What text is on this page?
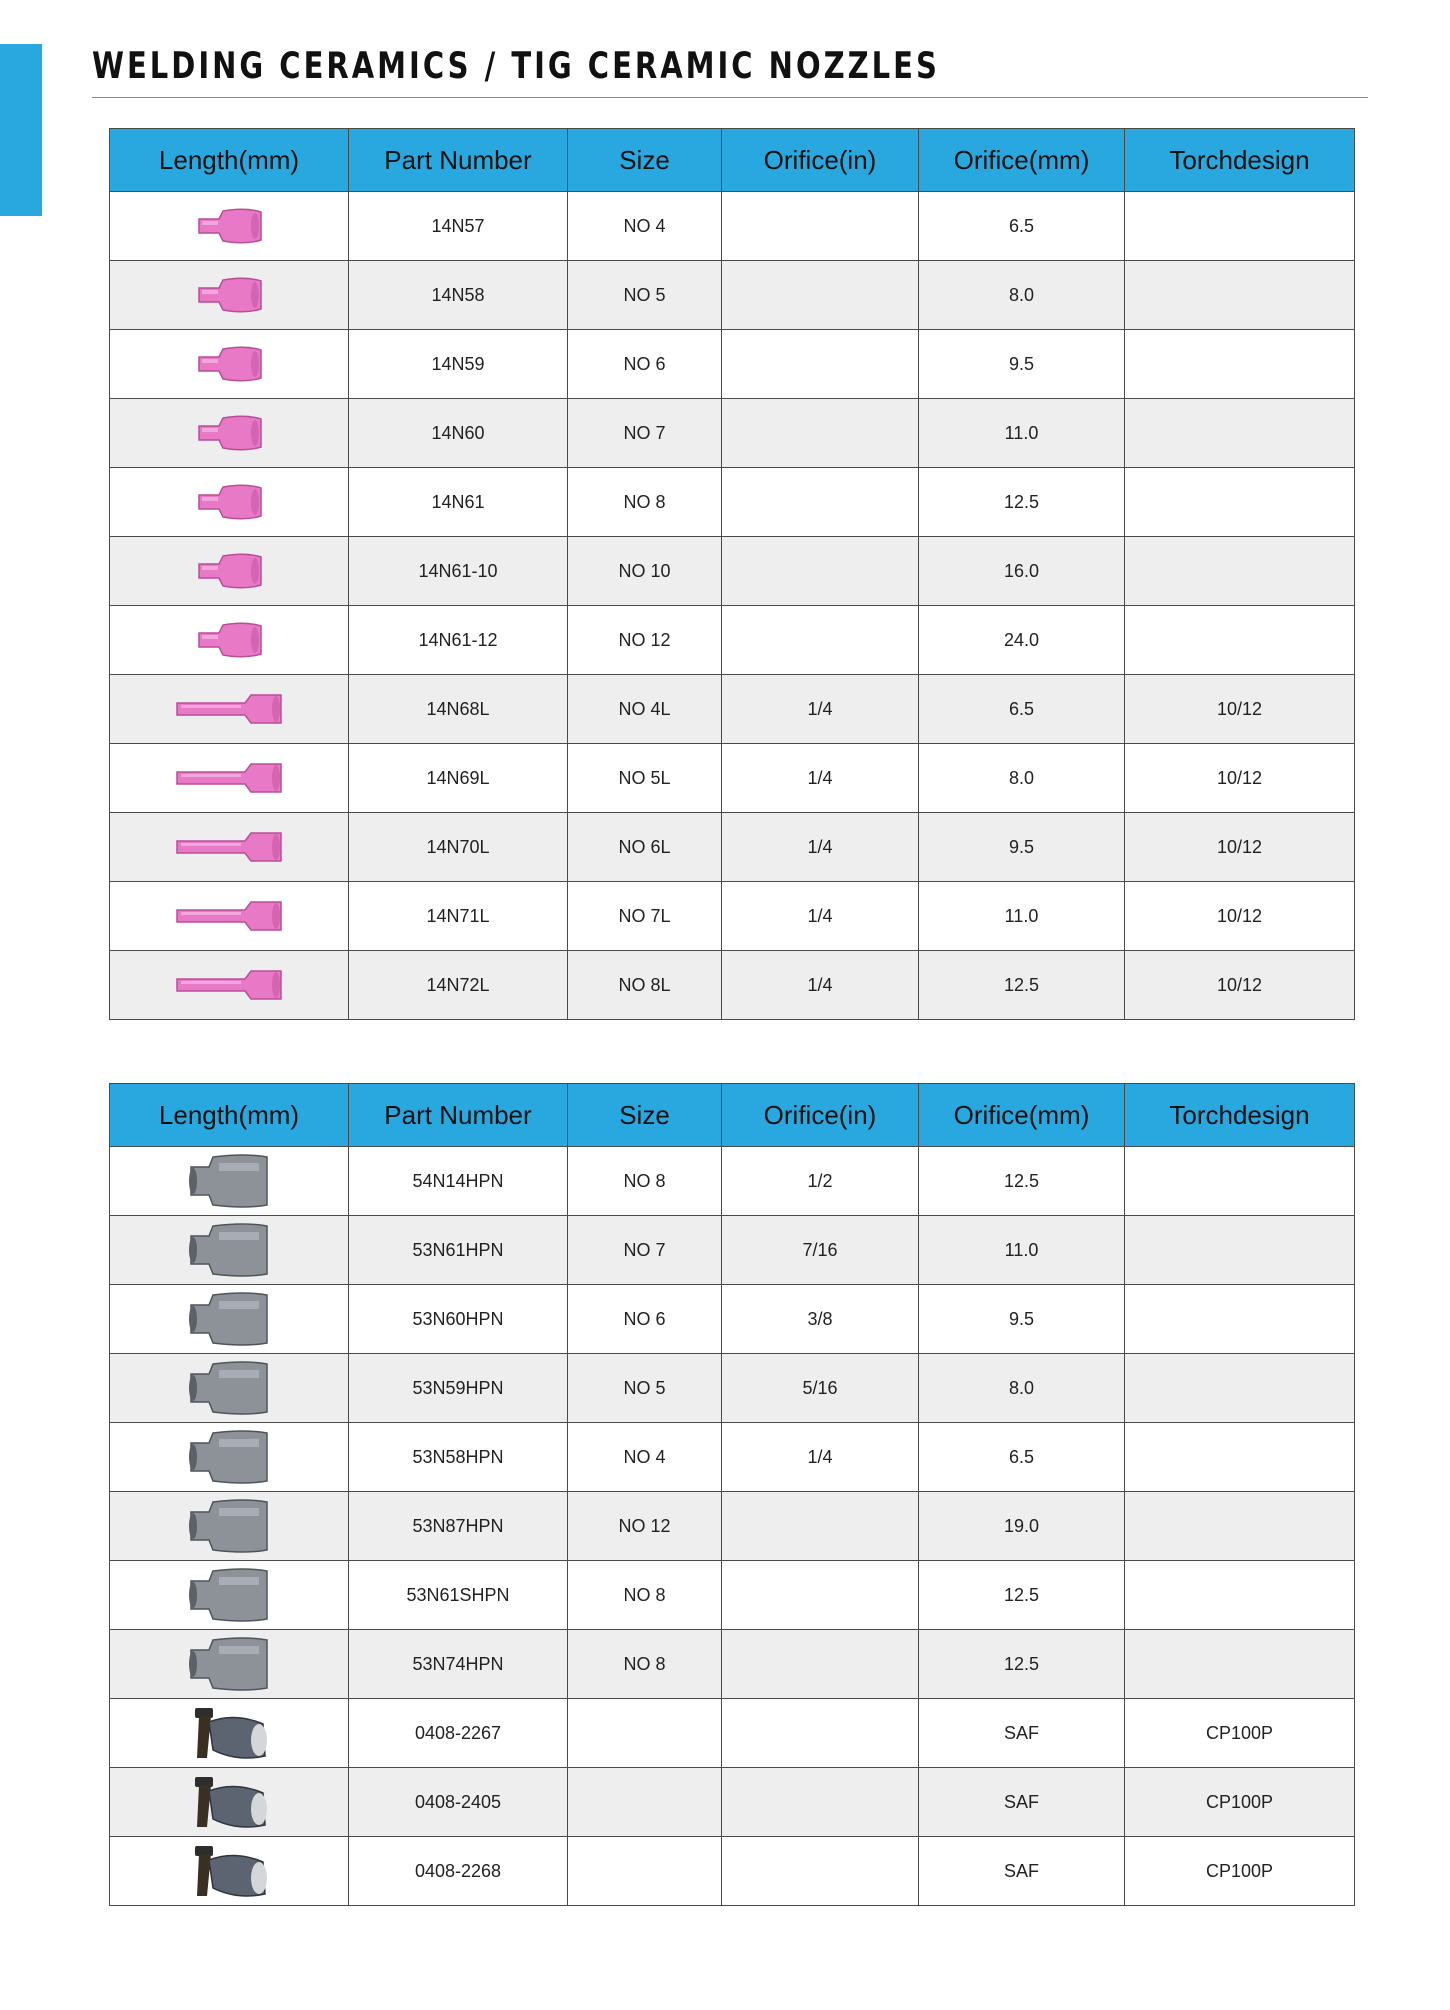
WELDING CERAMICS / TIG CERAMIC NOZZLES
Length(mm)	Part Number	Size	Orifice(in)	Orifice(mm)	Torchdesign

	14N57	NO 4		6.5	

	14N58	NO 5		8.0	

	14N59	NO 6		9.5	

	14N60	NO 7		11.0	

	14N61	NO 8		12.5	

	14N61-10	NO 10		16.0	

	14N61-12	NO 12		24.0	

	14N68L	NO 4L	1/4	6.5	10/12

	14N69L	NO 5L	1/4	8.0	10/12

	14N70L	NO 6L	1/4	9.5	10/12

	14N71L	NO 7L	1/4	11.0	10/12

	14N72L	NO 8L	1/4	12.5	10/12
Length(mm)	Part Number	Size	Orifice(in)	Orifice(mm)	Torchdesign

	54N14HPN	NO 8	1/2	12.5	

	53N61HPN	NO 7	7/16	11.0	

	53N60HPN	NO 6	3/8	9.5	

	53N59HPN	NO 5	5/16	8.0	

	53N58HPN	NO 4	1/4	6.5	

	53N87HPN	NO 12		19.0	

	53N61SHPN	NO 8		12.5	

	53N74HPN	NO 8		12.5	

	0408-2267			SAF	CP100P

	0408-2405			SAF	CP100P

	0408-2268			SAF	CP100P
